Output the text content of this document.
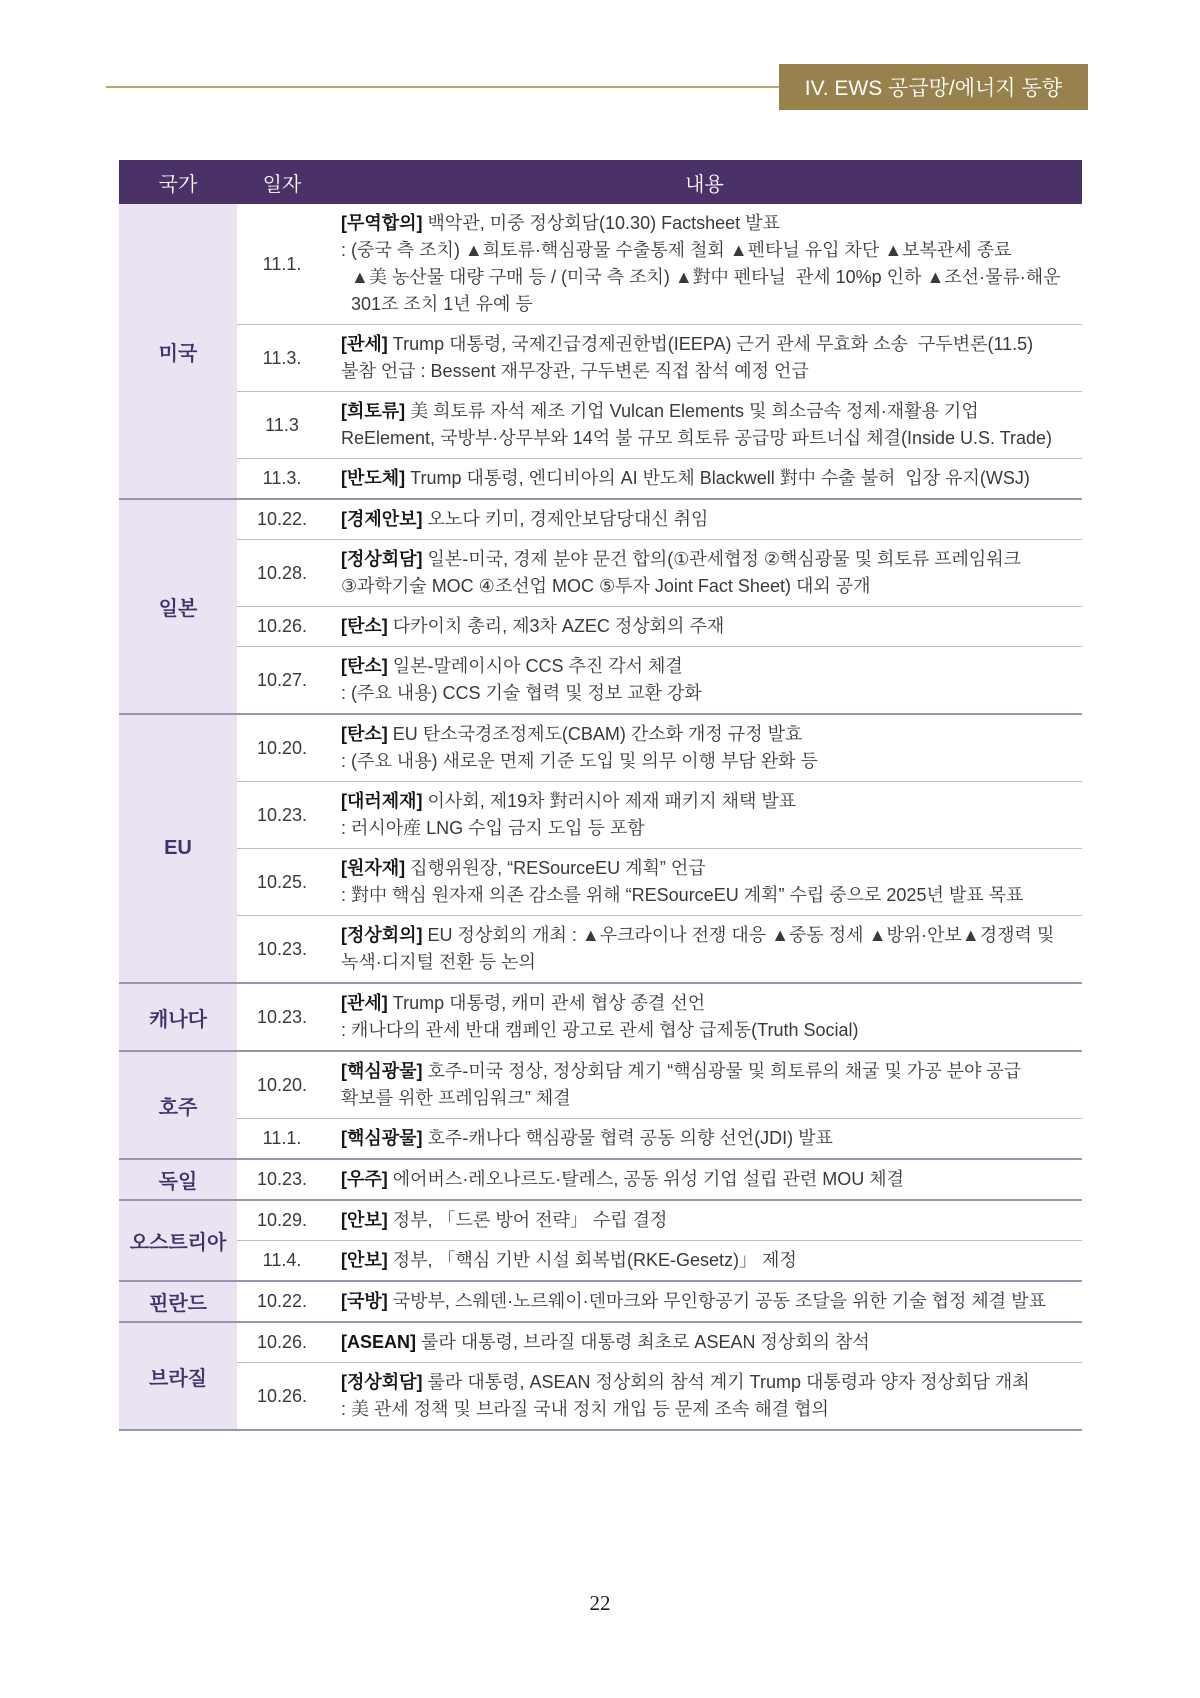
IV. EWS 공급망/에너지 동향
국가	일자	내용
미국	11.1.	[무역합의] 백악관, 미중 정상회담(10.30) Factsheet 발표
: (중국 측 조치) ▲희토류·핵심광물 수출통제 철회 ▲펜타닐 유입 차단 ▲보복관세 종료
▲美 농산물 대량 구매 등 / (미국 측 조치) ▲對中 펜타닐  관세 10%p 인하 ▲조선·물류·해운
301조 조치 1년 유예 등
	11.3.	[관세] Trump 대통령, 국제긴급경제권한법(IEEPA) 근거 관세 무효화 소송  구두변론(11.5)
불참 언급 : Bessent 재무장관, 구두변론 직접 참석 예정 언급
	11.3	[희토류] 美 희토류 자석 제조 기업 Vulcan Elements 및 희소금속 정제·재활용 기업
ReElement, 국방부·상무부와 14억 불 규모 희토류 공급망 파트너십 체결(Inside U.S. Trade)
	11.3.	[반도체] Trump 대통령, 엔디비아의 AI 반도체 Blackwell 對中 수출 불허  입장 유지(WSJ)
일본	10.22.	[경제안보] 오노다 키미, 경제안보담당대신 취임
	10.28.	[정상회담] 일본-미국, 경제 분야 문건 합의(①관세협정 ②핵심광물 및 희토류 프레임워크
③과학기술 MOC ④조선업 MOC ⑤투자 Joint Fact Sheet) 대외 공개
	10.26.	[탄소] 다카이치 총리, 제3차 AZEC 정상회의 주재
	10.27.	[탄소] 일본-말레이시아 CCS 추진 각서 체결
: (주요 내용) CCS 기술 협력 및 정보 교환 강화
EU	10.20.	[탄소] EU 탄소국경조정제도(CBAM) 간소화 개정 규정 발효
: (주요 내용) 새로운 면제 기준 도입 및 의무 이행 부담 완화 등
	10.23.	[대러제재] 이사회, 제19차 對러시아 제재 패키지 채택 발표
: 러시아産 LNG 수입 금지 도입 등 포함
	10.25.	[원자재] 집행위원장, “RESourceEU 계획” 언급
: 對中 핵심 원자재 의존 감소를 위해 “RESourceEU 계획” 수립 중으로 2025년 발표 목표
	10.23.	[정상회의] EU 정상회의 개최 : ▲우크라이나 전쟁 대응 ▲중동 정세 ▲방위·안보▲경쟁력 및
녹색·디지털 전환 등 논의
캐나다	10.23.	[관세] Trump 대통령, 캐미 관세 협상 종결 선언
: 캐나다의 관세 반대 캠페인 광고로 관세 협상 급제동(Truth Social)
호주	10.20.	[핵심광물] 호주-미국 정상, 정상회담 계기 “핵심광물 및 희토류의 채굴 및 가공 분야 공급
확보를 위한 프레임워크” 체결
	11.1.	[핵심광물] 호주-캐나다 핵심광물 협력 공동 의향 선언(JDI) 발표
독일	10.23.	[우주] 에어버스·레오나르도·탈레스, 공동 위성 기업 설립 관련 MOU 체결
오스트리아	10.29.	[안보] 정부, 「드론 방어 전략」 수립 결정
	11.4.	[안보] 정부, 「핵심 기반 시설 회복법(RKE-Gesetz)」 제정
핀란드	10.22.	[국방] 국방부, 스웨덴·노르웨이·덴마크와 무인항공기 공동 조달을 위한 기술 협정 체결 발표
브라질	10.26.	[ASEAN] 룰라 대통령, 브라질 대통령 최초로 ASEAN 정상회의 참석
	10.26.	[정상회담] 룰라 대통령, ASEAN 정상회의 참석 계기 Trump 대통령과 양자 정상회담 개최
: 美 관세 정책 및 브라질 국내 정치 개입 등 문제 조속 해결 협의
22
